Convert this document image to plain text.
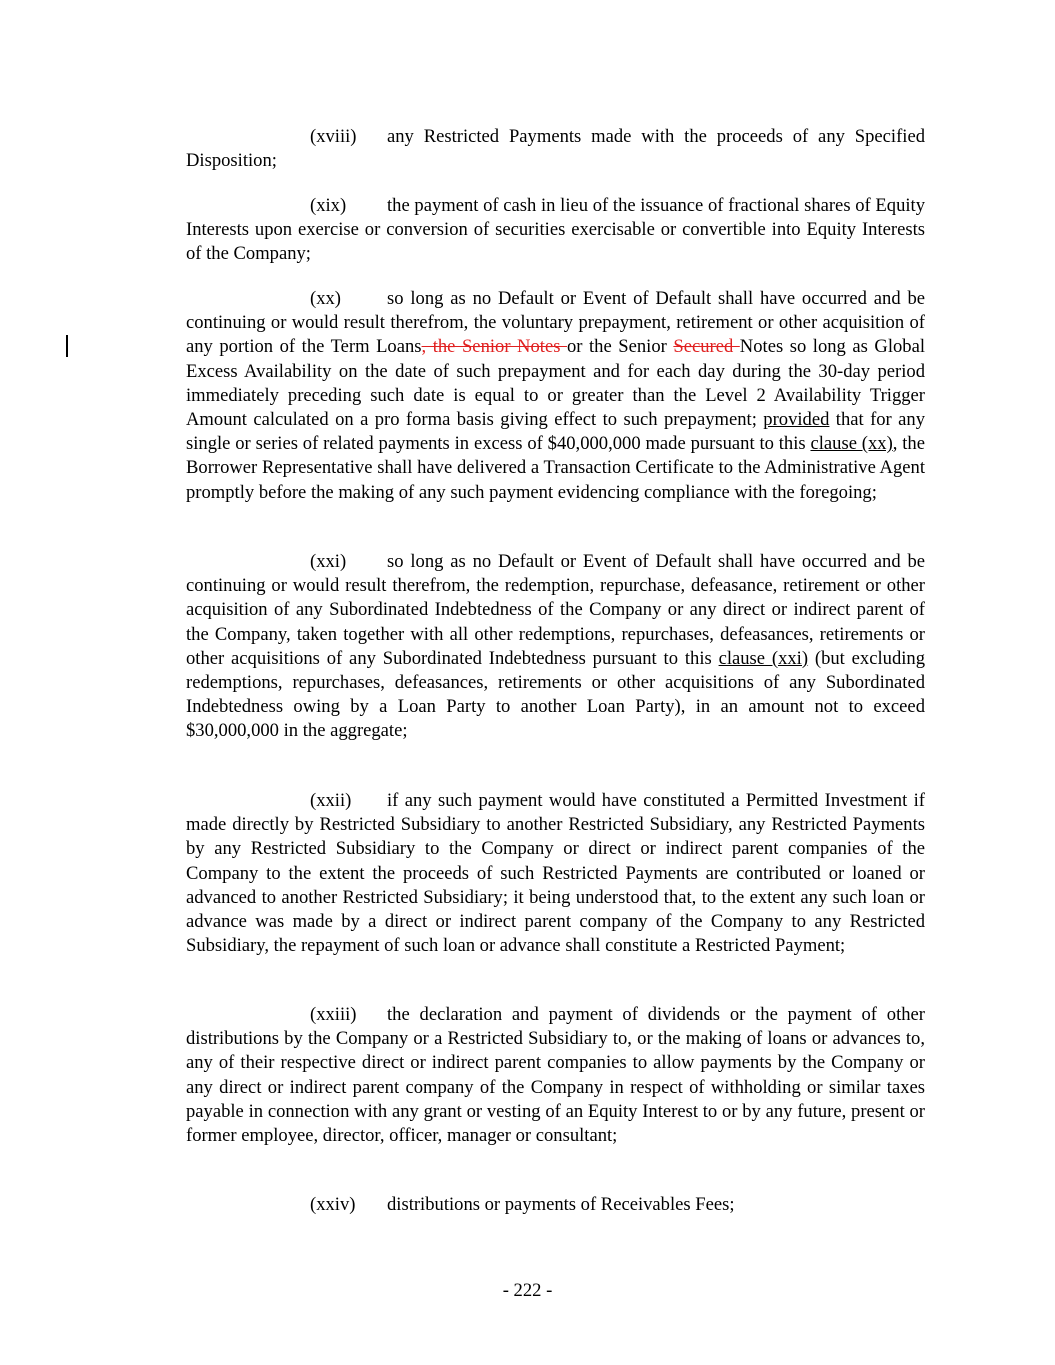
(xviii) any Restricted Payments made with the proceeds of any Specified Disposition;

(xix) the payment of cash in lieu of the issuance of fractional shares of Equity Interests upon exercise or conversion of securities exercisable or convertible into Equity Interests of the Company;

(xx) so long as no Default or Event of Default shall have occurred and be continuing or would result therefrom, the voluntary prepayment, retirement or other acquisition of any portion of the Term Loans, the Senior Notes or the Senior Secured Notes so long as Global Excess Availability on the date of such prepayment and for each day during the 30-day period immediately preceding such date is equal to or greater than the Level 2 Availability Trigger Amount calculated on a pro forma basis giving effect to such prepayment; provided that for any single or series of related payments in excess of $40,000,000 made pursuant to this clause (xx), the Borrower Representative shall have delivered a Transaction Certificate to the Administrative Agent promptly before the making of any such payment evidencing compliance with the foregoing;

(xxi) so long as no Default or Event of Default shall have occurred and be continuing or would result therefrom, the redemption, repurchase, defeasance, retirement or other acquisition of any Subordinated Indebtedness of the Company or any direct or indirect parent of the Company, taken together with all other redemptions, repurchases, defeasances, retirements or other acquisitions of any Subordinated Indebtedness pursuant to this clause (xxi) (but excluding redemptions, repurchases, defeasances, retirements or other acquisitions of any Subordinated Indebtedness owing by a Loan Party to another Loan Party), in an amount not to exceed $30,000,000 in the aggregate;

(xxii) if any such payment would have constituted a Permitted Investment if made directly by Restricted Subsidiary to another Restricted Subsidiary, any Restricted Payments by any Restricted Subsidiary to the Company or direct or indirect parent companies of the Company to the extent the proceeds of such Restricted Payments are contributed or loaned or advanced to another Restricted Subsidiary; it being understood that, to the extent any such loan or advance was made by a direct or indirect parent company of the Company to any Restricted Subsidiary, the repayment of such loan or advance shall constitute a Restricted Payment;

(xxiii) the declaration and payment of dividends or the payment of other distributions by the Company or a Restricted Subsidiary to, or the making of loans or advances to, any of their respective direct or indirect parent companies to allow payments by the Company or any direct or indirect parent company of the Company in respect of withholding or similar taxes payable in connection with any grant or vesting of an Equity Interest to or by any future, present or former employee, director, officer, manager or consultant;

(xxiv) distributions or payments of Receivables Fees;

- 222 -
